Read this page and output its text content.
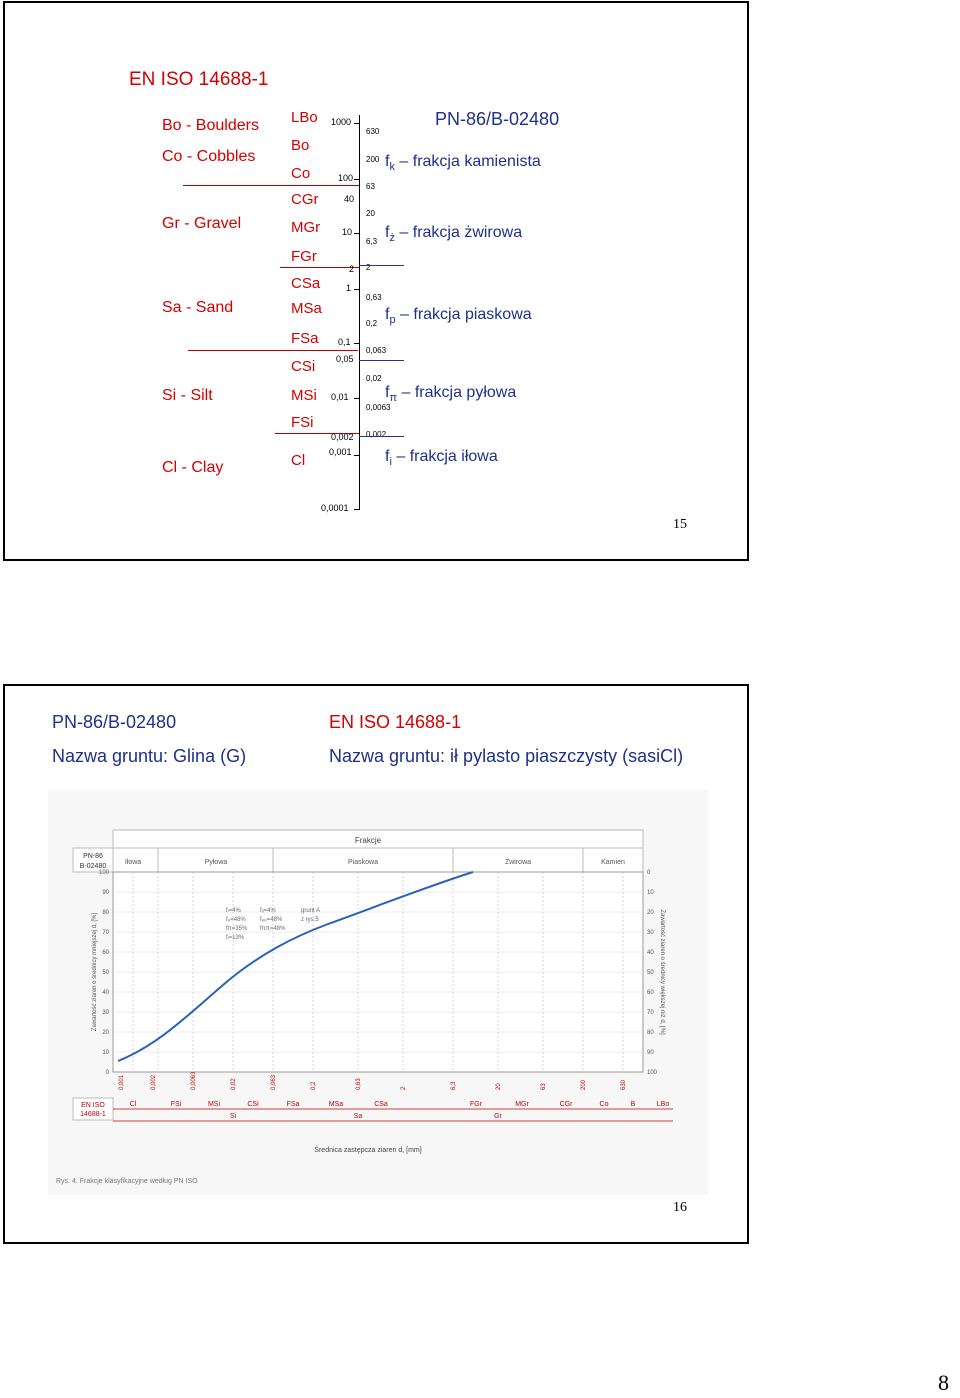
EN ISO 14688-1
PN-86/B-02480
Bo - Boulders
Co - Cobbles
Gr - Gravel
Sa - Sand
Si - Silt
Cl - Clay
LBo
Bo
Co
CGr
MGr
FGr
CSa
MSa
FSa
CSi
MSi
FSi
Cl
1000
100
40
10
2
1
0,1
0,05
0,01
0,002
0,001
0,0001
630
200
63
20
6,3
2
0,63
0,2
0,063
0,02
0,0063
0,002
$f_k$ – frakcja kamienista
$f_ż$ – frakcja żwirowa
$f_p$ – frakcja piaskowa
$f_\pi$ – frakcja pyłowa
$f_i$ – frakcja iłowa
15
PN-86/B-02480
Nazwa gruntu: Glina (G)
EN ISO 14688-1
Nazwa gruntu: ił pylasto piaszczysty (sasiCl)
Frakcje
PN-86
B-02480
Iłowa	Pyłowa	Piaskowa	Żwirowa	Kamien
100
90
80
70
60
50
40
30
20
10
0
0
10
20
30
40
50
60
70
80
90
100
Zawartość ziaren o średnicy mniejszej d, [%]	Zawartość ziaren o średnicy większej niż d, [%]
fᵢ=4%
fₚ=48%
fπ=35%
fᵢ=13%
fᵢᵢ=4%
fₚₚ=48%
fππ=48%
grunt A
z rys.5
0,001	0,002	0,0063	0,02	0,063	0,2	0,63	2	6,3	20	63	200	630
EN ISO
14688-1
Cl	FSi	MSi	CSi	FSa	MSa	CSa	FGr	MGr	CGr	Co	B	LBo
Si	Sa	Gr
Średnica zastępcza ziaren d, [mm]
Rys. 4. Frakcje klasyfikacyjne według PN ISO
16
8
